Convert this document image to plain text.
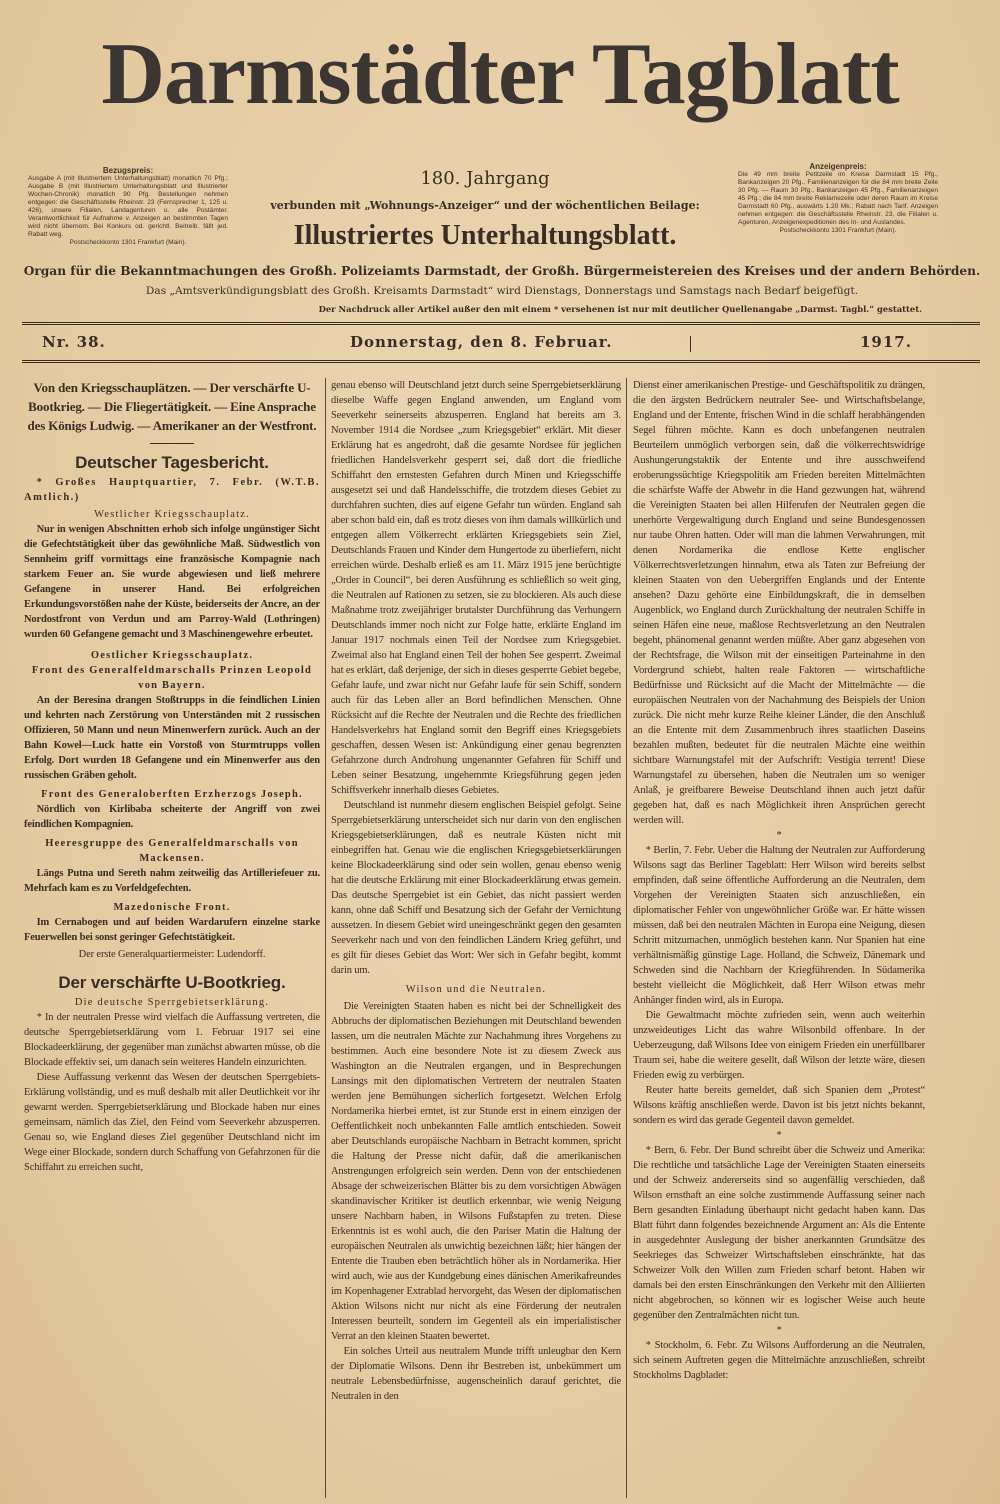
Darmstädter Tagblatt
Bezugspreis:
Ausgabe A (mit Illustriertem Unterhaltungsblatt) monatlich 70 Pfg.; Ausgabe B (mit Illustriertem Unterhaltungsblatt und Illustrierter Wochen-Chronik) monatlich 90 Pfg. Bestellungen nehmen entgegen: die Geschäftsstelle Rheinstr. 23 (Fernsprecher 1, 125 u. 426), unsere Filialen, Landagenturen u. alle Postämter. Verantwortlichkeit für Aufnahme v. Anzeigen an bestimmten Tagen wird nicht übernom. Bei Konkurs od. gerichtl. Beitreib. fällt jed. Rabatt weg.
Postscheckkonto 1301 Frankfurt (Main).
Anzeigenpreis:
Die 49 mm breite Petitzeile im Kreise Darmstadt 15 Pfg., Bankanzeigen 20 Pfg., Familienanzeigen für die 84 mm breite Zeile 30 Pfg. — Raum 30 Pfg., Bankanzeigen 45 Pfg., Familienanzeigen 45 Pfg.; die 84 mm breite Reklamezeile oder deren Raum im Kreise Darmstadt 60 Pfg., auswärts 1.20 Mk.; Rabatt nach Tarif. Anzeigen nehmen entgegen: die Geschäftsstelle Rheinstr. 23, die Filialen u. Agenturen, Anzeigenexpeditionen des In- und Auslandes.
Postscheckkonto 1301 Frankfurt (Main).
180. Jahrgang
verbunden mit „Wohnungs-Anzeiger“ und der wöchentlichen Beilage:
Illustriertes Unterhaltungsblatt.
Organ für die Bekanntmachungen des Großh. Polizeiamts Darmstadt, der Großh. Bürgermeistereien des Kreises und der andern Behörden.
Das „Amtsverkündigungsblatt des Großh. Kreisamts Darmstadt“ wird Dienstags, Donnerstags und Samstags nach Bedarf beigefügt.
Der Nachdruck aller Artikel außer den mit einem * versehenen ist nur mit deutlicher Quellenangabe „Darmst. Tagbl.“ gestattet.
Nr. 38.	Donnerstag, den 8. Februar.	1917.
Von den Kriegsschauplätzen. — Der verschärfte U-Bootkrieg. — Die Fliegertätigkeit. — Eine Ansprache des Königs Ludwig. — Amerikaner an der Westfront.
Deutscher Tagesbericht.

* Großes Hauptquartier, 7. Febr. (W.T.B. Amtlich.)

Westlicher Kriegsschauplatz.

Nur in wenigen Abschnitten erhob sich infolge ungünstiger Sicht die Gefechtstätigkeit über das gewöhnliche Maß. Südwestlich von Sennheim griff vormittags eine französische Kompagnie nach starkem Feuer an. Sie wurde abgewiesen und ließ mehrere Gefangene in unserer Hand. Bei erfolgreichen Erkundungsvorstößen nahe der Küste, beiderseits der Ancre, an der Nordostfront von Verdun und am Parroy-Wald (Lothringen) wurden 60 Gefangene gemacht und 3 Maschinengewehre erbeutet.

Oestlicher Kriegsschauplatz.
Front des Generalfeldmarschalls Prinzen Leopold von Bayern.

An der Beresina drangen Stoßtrupps in die feindlichen Linien und kehrten nach Zerstörung von Unterständen mit 2 russischen Offizieren, 50 Mann und neun Minenwerfern zurück. Auch an der Bahn Kowel—Luck hatte ein Vorstoß von Sturmtrupps vollen Erfolg. Dort wurden 18 Gefangene und ein Minenwerfer aus den russischen Gräben geholt.

Front des Generaloberften Erzherzogs Joseph.

Nördlich von Kirlibaba scheiterte der Angriff von zwei feindlichen Kompagnien.

Heeresgruppe des Generalfeldmarschalls von Mackensen.

Längs Putna und Sereth nahm zeitweilig das Artilleriefeuer zu. Mehrfach kam es zu Vorfeldgefechten.

Mazedonische Front.

Im Cernabogen und auf beiden Wardarufern einzelne starke Feuerwellen bei sonst geringer Gefechtstätigkeit.

Der erste Generalquartiermeister: Ludendorff.
Der verschärfte U-Bootkrieg.
Die deutsche Sperrgebietserklärung.

* In der neutralen Presse wird vielfach die Auffassung vertreten, die deutsche Sperrgebietserklärung vom 1. Februar 1917 sei eine Blockadeerklärung, der gegenüber man zunächst abwarten müsse, ob die Blockade effektiv sei, um danach sein weiteres Handeln einzurichten.

Diese Auffassung verkennt das Wesen der deutschen Sperrgebiets-Erklärung vollständig, und es muß deshalb mit aller Deutlichkeit vor ihr gewarnt werden. Sperrgebietserklärung und Blockade haben nur eines gemeinsam, nämlich das Ziel, den Feind vom Seeverkehr abzusperren. Genau so, wie England dieses Ziel gegenüber Deutschland nicht im Wege einer Blockade, sondern durch Schaffung von Gefahrzonen für die Schiffahrt zu erreichen sucht,

genau ebenso will Deutschland jetzt durch seine Sperrgebietserklärung dieselbe Waffe gegen England anwenden, um England vom Seeverkehr seinerseits abzusperren. England hat bereits am 3. November 1914 die Nordsee „zum Kriegsgebiet“ erklärt. Mit dieser Erklärung hat es angedroht, daß die gesamte Nordsee für jeglichen friedlichen Handelsverkehr gesperrt sei, daß dort die friedliche Schiffahrt den ernstesten Gefahren durch Minen und Kriegsschiffe ausgesetzt sei und daß Handelsschiffe, die trotzdem dieses Gebiet zu durchfahren suchten, dies auf eigene Gefahr tun würden. England sah aber schon bald ein, daß es trotz dieses von ihm damals willkürlich und entgegen allem Völkerrecht erklärten Kriegsgebiets sein Ziel, Deutschlands Frauen und Kinder dem Hungertode zu überliefern, nicht erreichen würde. Deshalb erließ es am 11. März 1915 jene berüchtigte „Order in Council“, bei deren Ausführung es schließlich so weit ging, die Neutralen auf Rationen zu setzen, sie zu blockieren. Als auch diese Maßnahme trotz zweijähriger brutalster Durchführung das Verhungern Deutschlands immer noch nicht zur Folge hatte, erklärte England im Januar 1917 nochmals einen Teil der Nordsee zum Kriegsgebiet. Zweimal also hat England einen Teil der hohen See gesperrt. Zweimal hat es erklärt, daß derjenige, der sich in dieses gesperrte Gebiet begebe, Gefahr laufe, und zwar nicht nur Gefahr laufe für sein Schiff, sondern auch für das Leben aller an Bord befindlichen Menschen. Ohne Rücksicht auf die Rechte der Neutralen und die Rechte des friedlichen Handelsverkehrs hat England somit den Begriff eines Kriegsgebiets geschaffen, dessen Wesen ist: Ankündigung einer genau begrenzten Gefahrzone durch Androhung ungenannter Gefahren für Schiff und Leben seiner Besatzung, ungehemmte Kriegsführung gegen jeden Schiffsverkehr innerhalb dieses Gebietes.

Deutschland ist nunmehr diesem englischen Beispiel gefolgt. Seine Sperrgebietserklärung unterscheidet sich nur darin von den englischen Kriegsgebietserklärungen, daß es neutrale Küsten nicht mit einbegriffen hat. Genau wie die englischen Kriegsgebietserklärungen keine Blockadeerklärung sind oder sein wollen, genau ebenso wenig hat die deutsche Erklärung mit einer Blockadeerklärung etwas gemein. Das deutsche Sperrgebiet ist ein Gebiet, das nicht passiert werden kann, ohne daß Schiff und Besatzung sich der Gefahr der Vernichtung aussetzen. In diesem Gebiet wird uneingeschränkt gegen den gesamten Seeverkehr nach und von den feindlichen Ländern Krieg geführt, und es gilt für dieses Gebiet das Wort: Wer sich in Gefahr begibt, kommt darin um.

Wilson und die Neutralen.

Die Vereinigten Staaten haben es nicht bei der Schnelligkeit des Abbruchs der diplomatischen Beziehungen mit Deutschland bewenden lassen, um die neutralen Mächte zur Nachahmung ihres Vorgehens zu bestimmen. Auch eine besondere Note ist zu diesem Zweck aus Washington an die Neutralen ergangen, und in Besprechungen Lansings mit den diplomatischen Vertretern der neutralen Staaten werden jene Bemühungen sicherlich fortgesetzt. Welchen Erfolg Nordamerika hierbei erntet, ist zur Stunde erst in einem einzigen der Oeffentlichkeit noch unbekannten Falle amtlich entschieden. Soweit aber Deutschlands europäische Nachbarn in Betracht kommen, spricht die Haltung der Presse nicht dafür, daß die amerikanischen Anstrengungen erfolgreich sein werden. Denn von der entschiedenen Absage der schweizerischen Blätter bis zu dem vorsichtigen Abwägen skandinavischer Kritiker ist deutlich erkennbar, wie wenig Neigung unsere Nachbarn haben, in Wilsons Fußstapfen zu treten. Diese Erkenntnis ist es wohl auch, die den Pariser Matin die Haltung der europäischen Neutralen als unwichtig bezeichnen läßt; hier hängen der Entente die Trauben eben beträchtlich höher als in Nordamerika. Hier wird auch, wie aus der Kundgebung eines dänischen Amerikafreundes im Kopenhagener Extrablad hervorgeht, das Wesen der diplomatischen Aktion Wilsons nicht nur nicht als eine Förderung der neutralen Interessen beurteilt, sondern im Gegenteil als ein imperialistischer Verrat an den kleinen Staaten bewertet.

Ein solches Urteil aus neutralem Munde trifft unleugbar den Kern der Diplomatie Wilsons. Denn ihr Bestreben ist, unbekümmert um neutrale Lebensbedürfnisse, augenscheinlich darauf gerichtet, die Neutralen in den

Dienst einer amerikanischen Prestige- und Geschäftspolitik zu drängen, die den ärgsten Bedrückern neutraler See- und Wirtschaftsbelange, England und der Entente, frischen Wind in die schlaff herabhängenden Segel führen möchte. Kann es doch unbefangenen neutralen Beurteilern unmöglich verborgen sein, daß die völkerrechtswidrige Aushungerungstaktik der Entente und ihre ausschweifend eroberungssüchtige Kriegspolitik am Frieden bereiten Mittelmächten die schärfste Waffe der Abwehr in die Hand gezwungen hat, während die Vereinigten Staaten bei allen Hilferufen der Neutralen gegen die unerhörte Vergewaltigung durch England und seine Bundesgenossen nur taube Ohren hatten. Oder will man die lahmen Verwahrungen, mit denen Nordamerika die endlose Kette englischer Völkerrechtsverletzungen hinnahm, etwa als Taten zur Befreiung der kleinen Staaten von den Uebergriffen Englands und der Entente ansehen? Dazu gehörte eine Einbildungskraft, die in demselben Augenblick, wo England durch Zurückhaltung der neutralen Schiffe in seinen Häfen eine neue, maßlose Rechtsverletzung an den Neutralen begeht, phänomenal genannt werden müßte. Aber ganz abgesehen von der Rechtsfrage, die Wilson mit der einseitigen Parteinahme in den Vordergrund schiebt, halten reale Faktoren — wirtschaftliche Bedürfnisse und Rücksicht auf die Macht der Mittelmächte — die europäischen Neutralen von der Nachahmung des Beispiels der Union zurück. Die nicht mehr kurze Reihe kleiner Länder, die den Anschluß an die Entente mit dem Zusammenbruch ihres staatlichen Daseins bezahlen mußten, bedeutet für die neutralen Mächte eine weithin sichtbare Warnungstafel mit der Aufschrift: Vestigia terrent! Diese Warnungstafel zu übersehen, haben die Neutralen um so weniger Anlaß, je greifbarere Beweise Deutschland ihnen auch jetzt dafür gegeben hat, daß es nach Möglichkeit ihren Ansprüchen gerecht werden will.

*

* Berlin, 7. Febr. Ueber die Haltung der Neutralen zur Aufforderung Wilsons sagt das Berliner Tageblatt: Herr Wilson wird bereits selbst empfinden, daß seine öffentliche Aufforderung an die Neutralen, dem Vorgehen der Vereinigten Staaten sich anzuschließen, ein diplomatischer Fehler von ungewöhnlicher Größe war. Er hätte wissen müssen, daß bei den neutralen Mächten in Europa eine Neigung, diesen Schritt mitzumachen, unmöglich bestehen kann. Nur Spanien hat eine verhältnismäßig günstige Lage. Holland, die Schweiz, Dänemark und Schweden sind die Nachbarn der Kriegführenden. In Südamerika besteht vielleicht die Möglichkeit, daß Herr Wilson etwas mehr Anhänger finden wird, als in Europa.

Die Gewaltmacht möchte zufrieden sein, wenn auch weiterhin unzweideutiges Licht das wahre Wilsonbild offenbare. In der Ueberzeugung, daß Wilsons Idee von einigem Frieden ein unerfüllbarer Traum sei, habe die weitere gesellt, daß Wilson der letzte wäre, diesen Frieden ewig zu verbürgen.

Reuter hatte bereits gemeldet, daß sich Spanien dem „Protest“ Wilsons kräftig anschließen werde. Davon ist bis jetzt nichts bekannt, sondern es wird das gerade Gegenteil davon gemeldet.

*

* Bern, 6. Febr. Der Bund schreibt über die Schweiz und Amerika: Die rechtliche und tatsächliche Lage der Vereinigten Staaten einerseits und der Schweiz andererseits sind so augenfällig verschieden, daß Wilson ernsthaft an eine solche zustimmende Auffassung seiner nach Bern gesandten Einladung überhaupt nicht gedacht haben kann. Das Blatt führt dann folgendes bezeichnende Argument an: Als die Entente in ausgedehnter Auslegung der bisher anerkannten Grundsätze des Seekrieges das Schweizer Wirtschaftsleben einschränkte, hat das Schweizer Volk den Willen zum Frieden scharf betont. Haben wir damals bei den ersten Einschränkungen den Verkehr mit den Alliierten nicht abgebrochen, so können wir es logischer Weise auch heute gegenüber den Zentralmächten nicht tun.

*

* Stockholm, 6. Febr. Zu Wilsons Aufforderung an die Neutralen, sich seinem Auftreten gegen die Mittelmächte anzuschließen, schreibt Stockholms Dagbladet:
